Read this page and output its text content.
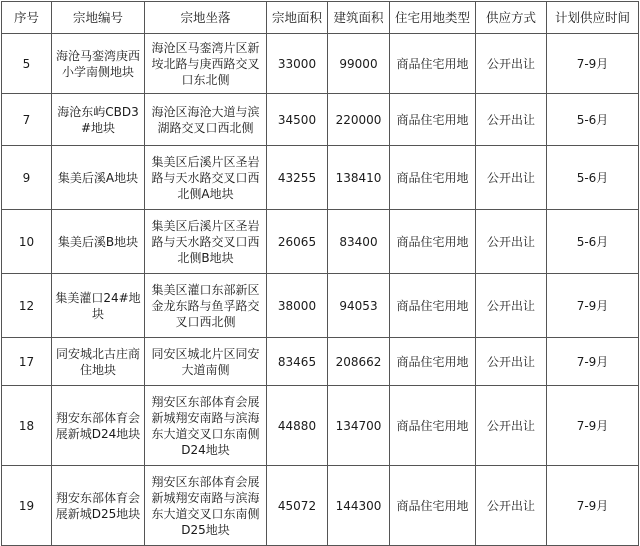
序号	宗地编号	宗地坐落	宗地面积	建筑面积	住宅用地类型	供应方式	计划供应时间
5	海沧马銮湾庚西小学南侧地块	海沧区马銮湾片区新垵北路与庚西路交叉口东北侧	33000	99000	商品住宅用地	公开出让	7-9月
7	海沧东屿CBD3#地块	海沧区海沧大道与滨湖路交叉口西北侧	34500	220000	商品住宅用地	公开出让	5-6月
9	集美后溪A地块	集美区后溪片区圣岩路与天水路交叉口西北侧A地块	43255	138410	商品住宅用地	公开出让	5-6月
10	集美后溪B地块	集美区后溪片区圣岩路与天水路交叉口西北侧B地块	26065	83400	商品住宅用地	公开出让	5-6月
12	集美灌口24#地块	集美区灌口东部新区金龙东路与鱼孚路交叉口西北侧	38000	94053	商品住宅用地	公开出让	7-9月
17	同安城北古庄商住地块	同安区城北片区同安大道南侧	83465	208662	商品住宅用地	公开出让	7-9月
18	翔安东部体育会展新城D24地块	翔安区东部体育会展新城翔安南路与滨海东大道交叉口东南侧D24地块	44880	134700	商品住宅用地	公开出让	7-9月
19	翔安东部体育会展新城D25地块	翔安区东部体育会展新城翔安南路与滨海东大道交叉口东南侧D25地块	45072	144300	商品住宅用地	公开出让	7-9月
